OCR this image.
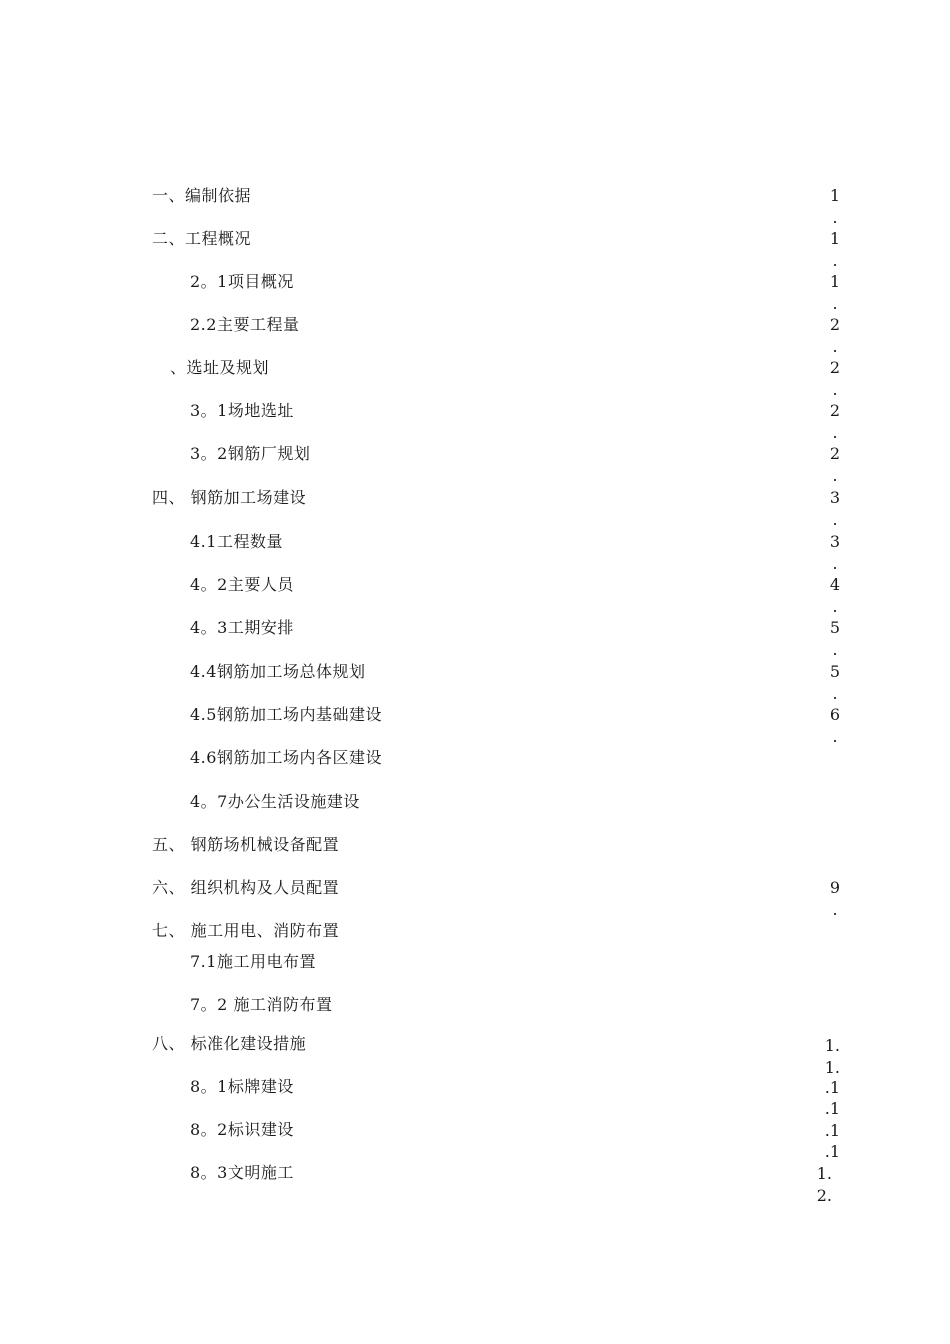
一、编制依据
二、工程概况
2。1项目概况
2.2主要工程量
、选址及规划
3。1场地选址
3。2钢筋厂规划
四、 钢筋加工场建设
4.1工程数量
4。2主要人员
4。3工期安排
4.4钢筋加工场总体规划
4.5钢筋加工场内基础建设
4.6钢筋加工场内各区建设
4。7办公生活设施建设
五、 钢筋场机械设备配置
六、 组织机构及人员配置
七、 施工用电、消防布置
7.1施工用电布置
7。2 施工消防布置
八、 标准化建设措施
8。1标牌建设
8。2标识建设
8。3文明施工
1
.
1
.
1
.
2
.
2
.
2
.
2
.
3
.
3
.
4
.
5
.
5
.
6
.
9
.
1.
1.
.1
.1
.1
.1
1.
2.
